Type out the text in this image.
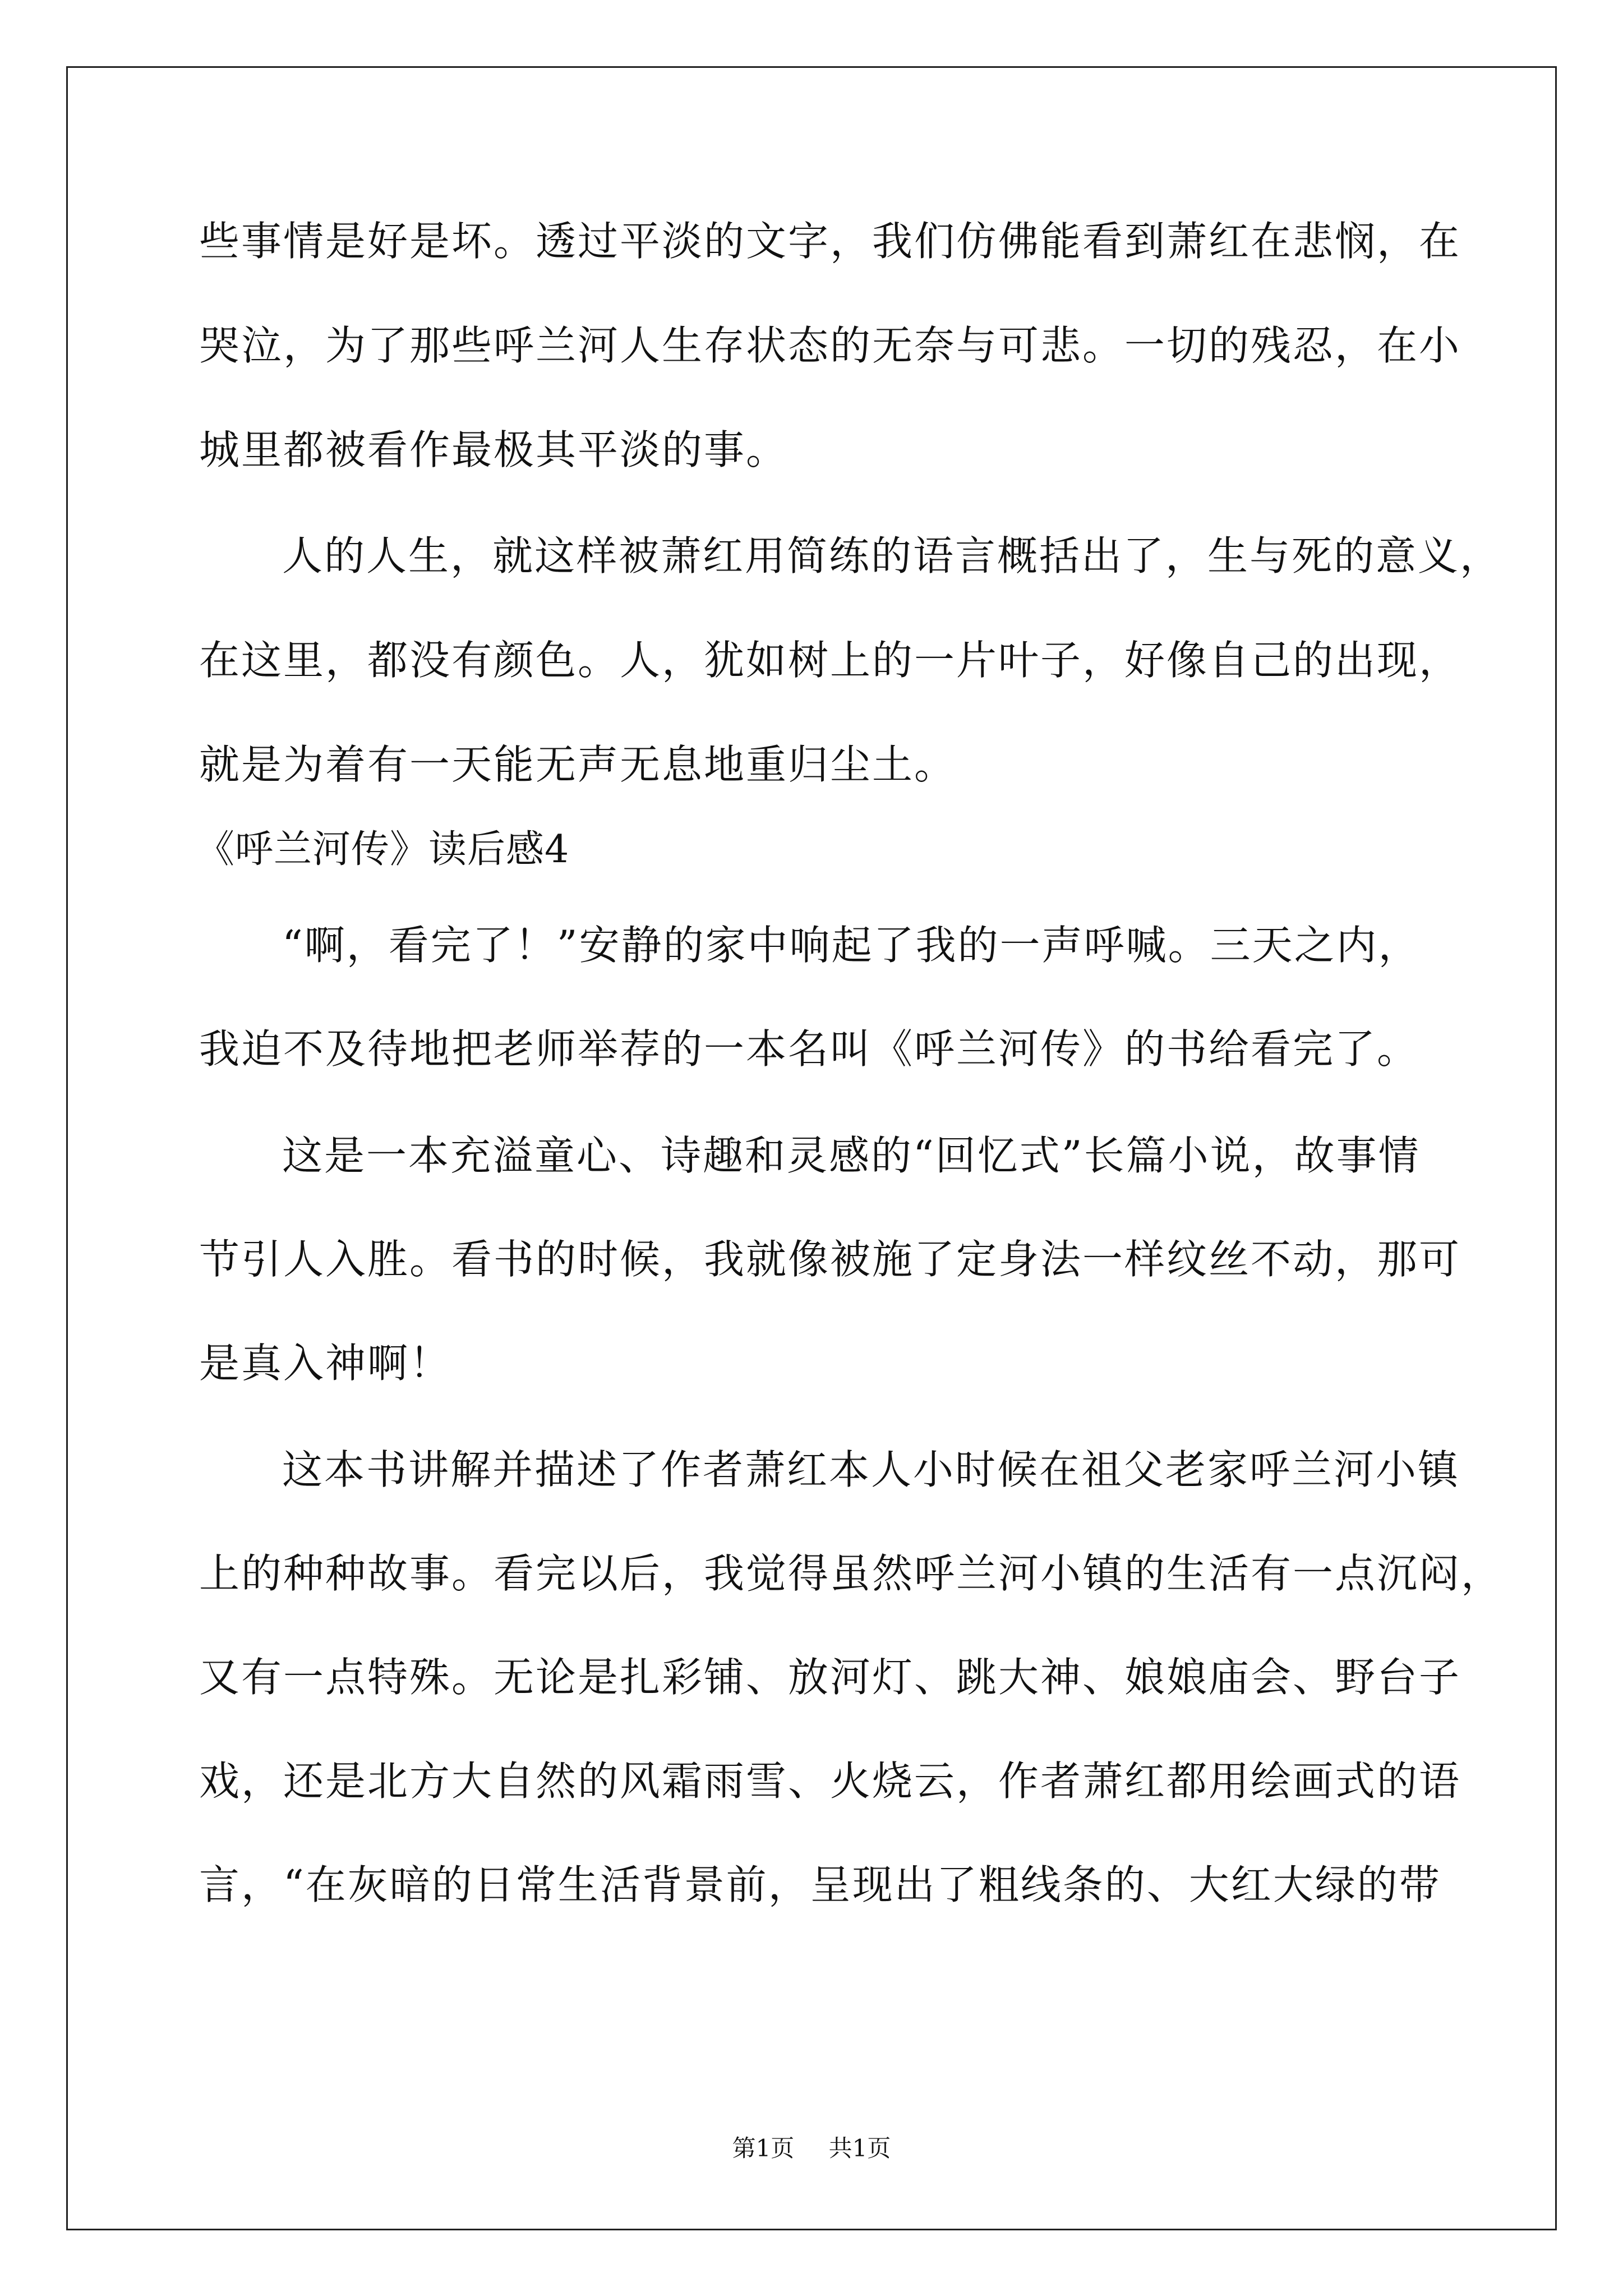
些事情是好是坏。透过平淡的文字，我们仿佛能看到萧红在悲悯，在
哭泣，为了那些呼兰河人生存状态的无奈与可悲。一切的残忍，在小
城里都被看作最极其平淡的事。
人的人生，就这样被萧红用简练的语言概括出了，生与死的意义，
在这里，都没有颜色。人，犹如树上的一片叶子，好像自己的出现，
就是为着有一天能无声无息地重归尘土。
《呼兰河传》读后感4
“啊，看完了！”安静的家中响起了我的一声呼喊。三天之内，
我迫不及待地把老师举荐的一本名叫《呼兰河传》的书给看完了。
这是一本充溢童心、诗趣和灵感的“回忆式”长篇小说，故事情
节引人入胜。看书的时候，我就像被施了定身法一样纹丝不动，那可
是真入神啊！
这本书讲解并描述了作者萧红本人小时候在祖父老家呼兰河小镇
上的种种故事。看完以后，我觉得虽然呼兰河小镇的生活有一点沉闷，
又有一点特殊。无论是扎彩铺、放河灯、跳大神、娘娘庙会、野台子
戏，还是北方大自然的风霜雨雪、火烧云，作者萧红都用绘画式的语
言，“在灰暗的日常生活背景前，呈现出了粗线条的、大红大绿的带
第1页 共1页
